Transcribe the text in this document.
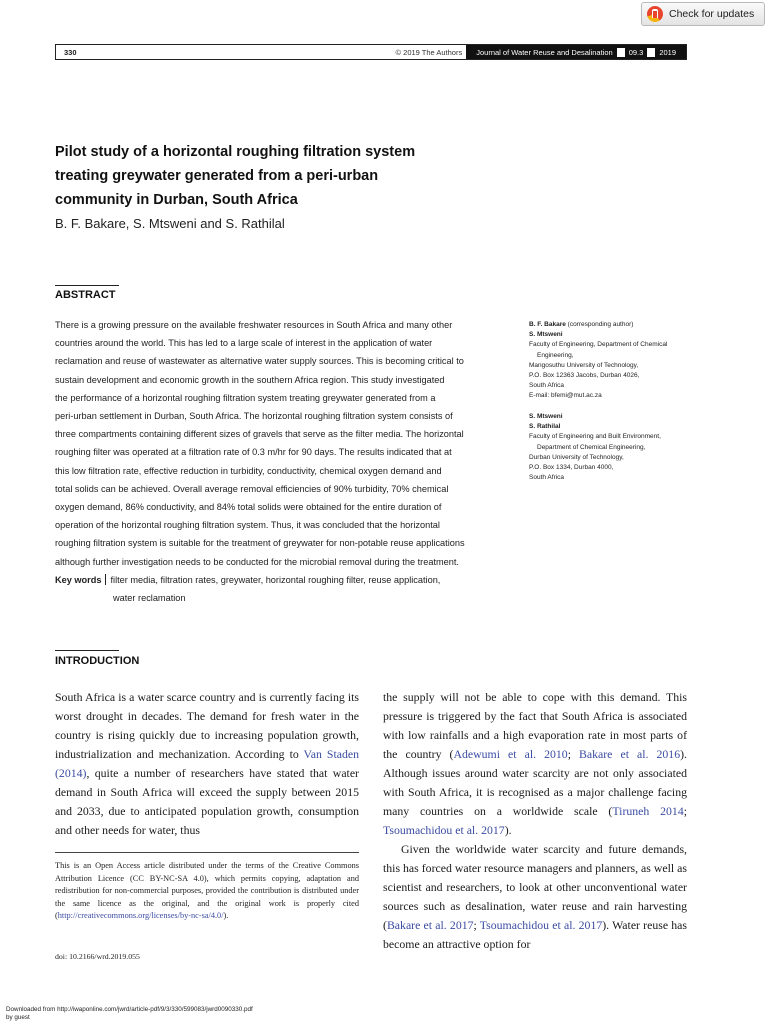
Check for updates
330	© 2019 The Authors	Journal of Water Reuse and Desalination	09.3	2019
Pilot study of a horizontal roughing filtration system
treating greywater generated from a peri-urban
community in Durban, South Africa
B. F. Bakare, S. Mtsweni and S. Rathilal
ABSTRACT
There is a growing pressure on the available freshwater resources in South Africa and many other
countries around the world. This has led to a large scale of interest in the application of water
reclamation and reuse of wastewater as alternative water supply sources. This is becoming critical to
sustain development and economic growth in the southern Africa region. This study investigated
the performance of a horizontal roughing filtration system treating greywater generated from a
peri-urban settlement in Durban, South Africa. The horizontal roughing filtration system consists of
three compartments containing different sizes of gravels that serve as the filter media. The horizontal
roughing filter was operated at a filtration rate of 0.3 m/hr for 90 days. The results indicated that at
this low filtration rate, effective reduction in turbidity, conductivity, chemical oxygen demand and
total solids can be achieved. Overall average removal efficiencies of 90% turbidity, 70% chemical
oxygen demand, 86% conductivity, and 84% total solids were obtained for the entire duration of
operation of the horizontal roughing filtration system. Thus, it was concluded that the horizontal
roughing filtration system is suitable for the treatment of greywater for non-potable reuse applications
although further investigation needs to be conducted for the microbial removal during the treatment.
Key words filter media, filtration rates, greywater, horizontal roughing filter, reuse application,
water reclamation
B. F. Bakare (corresponding author)
S. Mtsweni
Faculty of Engineering, Department of Chemical
Engineering,
Mangosuthu University of Technology,
P.O. Box 12363 Jacobs, Durban 4026,
South Africa
E-mail: bfemi@mut.ac.za
S. Mtsweni
S. Rathilal
Faculty of Engineering and Built Environment,
Department of Chemical Engineering,
Durban University of Technology,
P.O. Box 1334, Durban 4000,
South Africa
INTRODUCTION

South Africa is a water scarce country and is currently facing its worst drought in decades. The demand for fresh water in the country is rising quickly due to increasing population growth, industrialization and mechanization. According to Van Staden (2014), quite a number of researchers have stated that water demand in South Africa will exceed the supply between 2015 and 2033, due to anticipated population growth, consumption and other needs for water, thus

the supply will not be able to cope with this demand. This pressure is triggered by the fact that South Africa is associated with low rainfalls and a high evaporation rate in most parts of the country (Adewumi et al. 2010; Bakare et al. 2016). Although issues around water scarcity are not only associated with South Africa, it is recognised as a major challenge facing many countries on a worldwide scale (Tiruneh 2014; Tsoumachidou et al. 2017).

Given the worldwide water scarcity and future demands, this has forced water resource managers and planners, as well as scientist and researchers, to look at other unconventional water sources such as desalination, water reuse and rain harvesting (Bakare et al. 2017; Tsoumachidou et al. 2017). Water reuse has become an attractive option for

This is an Open Access article distributed under the terms of the Creative Commons Attribution Licence (CC BY-NC-SA 4.0), which permits copying, adaptation and redistribution for non-commercial purposes, provided the contribution is distributed under the same licence as the original, and the original work is properly cited (http://creativecommons.org/licenses/by-nc-sa/4.0/).
doi: 10.2166/wrd.2019.055
Downloaded from http://iwaponline.com/jwrd/article-pdf/9/3/330/599083/jwrd0090330.pdf
by guest
